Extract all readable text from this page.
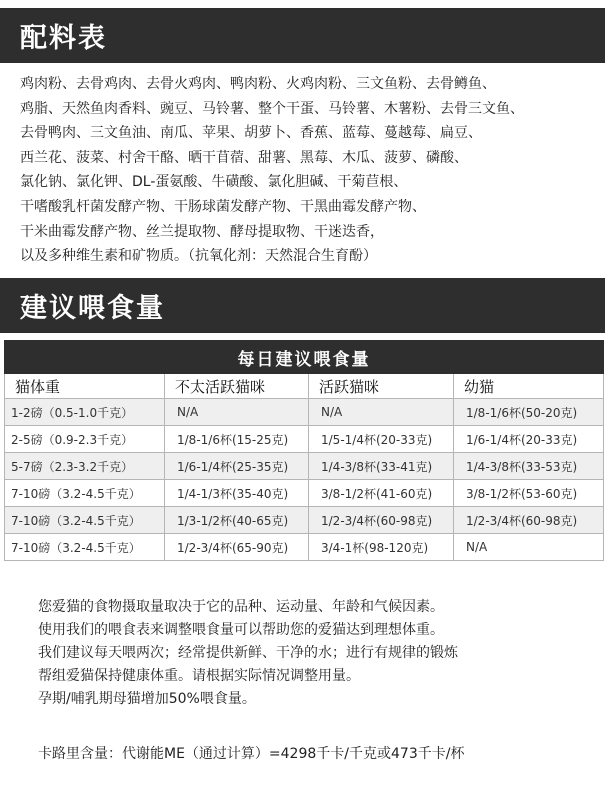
配料表
鸡肉粉、去骨鸡肉、去骨火鸡肉、鸭肉粉、火鸡肉粉、三文鱼粉、去骨鳟鱼、
鸡脂、天然鱼肉香料、豌豆、马铃薯、整个干蛋、马铃薯、木薯粉、去骨三文鱼、
去骨鸭肉、三文鱼油、南瓜、苹果、胡萝卜、香蕉、蓝莓、蔓越莓、扁豆、
西兰花、菠菜、村舍干酪、晒干苜蓿、甜薯、黑莓、木瓜、菠萝、磷酸、
氯化钠、氯化钾、DL-蛋氨酸、牛磺酸、氯化胆碱、干菊苣根、
干嗜酸乳杆菌发酵产物、干肠球菌发酵产物、干黑曲霉发酵产物、
干米曲霉发酵产物、丝兰提取物、酵母提取物、干迷迭香，
以及多种维生素和矿物质。（抗氧化剂：天然混合生育酚）
建议喂食量
每日建议喂食量			
猫体重	不太活跃猫咪	活跃猫咪	幼猫
1-2磅（0.5-1.0千克）	N/A	N/A	1/8-1/6杯(50-20克)
2-5磅（0.9-2.3千克）	1/8-1/6杯(15-25克)	1/5-1/4杯(20-33克)	1/6-1/4杯(20-33克)
5-7磅（2.3-3.2千克）	1/6-1/4杯(25-35克)	1/4-3/8杯(33-41克)	1/4-3/8杯(33-53克)
7-10磅（3.2-4.5千克）	1/4-1/3杯(35-40克)	3/8-1/2杯(41-60克)	3/8-1/2杯(53-60克)
7-10磅（3.2-4.5千克）	1/3-1/2杯(40-65克)	1/2-3/4杯(60-98克)	1/2-3/4杯(60-98克)
7-10磅（3.2-4.5千克）	1/2-3/4杯(65-90克)	3/4-1杯(98-120克)	N/A
您爱猫的食物摄取量取决于它的品种、运动量、年龄和气候因素。
使用我们的喂食表来调整喂食量可以帮助您的爱猫达到理想体重。
我们建议每天喂两次；经常提供新鲜、干净的水；进行有规律的锻炼
帮组爱猫保持健康体重。请根据实际情况调整用量。
孕期/哺乳期母猫增加50%喂食量。
卡路里含量：代谢能ME（通过计算）=4298千卡/千克或473千卡/杯
